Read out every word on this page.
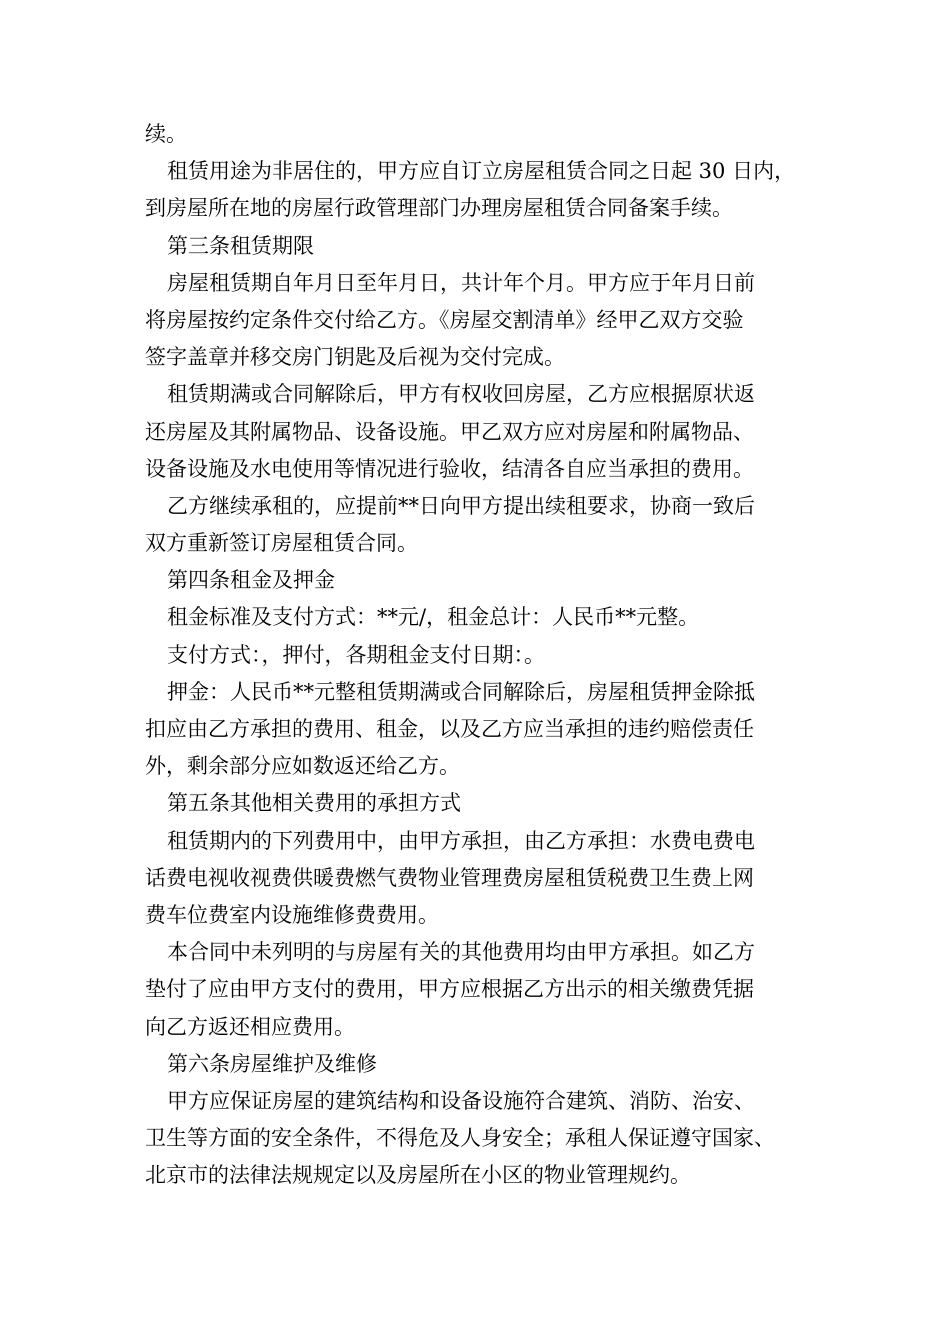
续。
租赁用途为非居住的，甲方应自订立房屋租赁合同之日起 30 日内，
到房屋所在地的房屋行政管理部门办理房屋租赁合同备案手续。
第三条租赁期限
房屋租赁期自年月日至年月日，共计年个月。甲方应于年月日前
将房屋按约定条件交付给乙方。《房屋交割清单》经甲乙双方交验
签字盖章并移交房门钥匙及后视为交付完成。
租赁期满或合同解除后，甲方有权收回房屋，乙方应根据原状返
还房屋及其附属物品、设备设施。甲乙双方应对房屋和附属物品、
设备设施及水电使用等情况进行验收，结清各自应当承担的费用。
乙方继续承租的，应提前**日向甲方提出续租要求，协商一致后
双方重新签订房屋租赁合同。
第四条租金及押金
租金标准及支付方式：**元/，租金总计：人民币**元整。
支付方式：，押付，各期租金支付日期：。
押金：人民币**元整租赁期满或合同解除后，房屋租赁押金除抵
扣应由乙方承担的费用、租金，以及乙方应当承担的违约赔偿责任
外，剩余部分应如数返还给乙方。
第五条其他相关费用的承担方式
租赁期内的下列费用中，由甲方承担，由乙方承担：水费电费电
话费电视收视费供暖费燃气费物业管理费房屋租赁税费卫生费上网
费车位费室内设施维修费费用。
本合同中未列明的与房屋有关的其他费用均由甲方承担。如乙方
垫付了应由甲方支付的费用，甲方应根据乙方出示的相关缴费凭据
向乙方返还相应费用。
第六条房屋维护及维修
甲方应保证房屋的建筑结构和设备设施符合建筑、消防、治安、
卫生等方面的安全条件，不得危及人身安全；承租人保证遵守国家、
北京市的法律法规规定以及房屋所在小区的物业管理规约。
